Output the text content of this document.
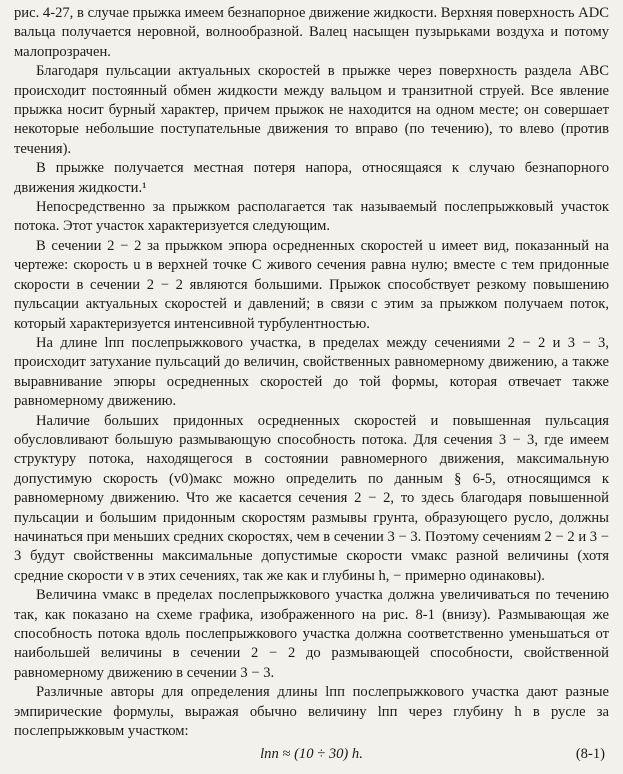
рис. 4-27, в случае прыжка имеем безнапорное движение жидкости. Верхняя поверхность ADC вальца получается неровной, волнообразной. Валец насыщен пузырьками воздуха и потому малопрозрачен.

Благодаря пульсации актуальных скоростей в прыжке через поверхность раздела ABC происходит постоянный обмен жидкости между вальцом и транзитной струей. Все явление прыжка носит бурный характер, причем прыжок не находится на одном месте; он совершает некоторые небольшие поступательные движения то вправо (по течению), то влево (против течения).

В прыжке получается местная потеря напора, относящаяся к случаю безнапорного движения жидкости.¹

Непосредственно за прыжком располагается так называемый послепрыжковый участок потока. Этот участок характеризуется следующим.

В сечении 2 − 2 за прыжком эпюра осредненных скоростей u имеет вид, показанный на чертеже: скорость u в верхней точке C живого сечения равна нулю; вместе с тем придонные скорости в сечении 2 − 2 являются большими. Прыжок способствует резкому повышению пульсации актуальных скоростей и давлений; в связи с этим за прыжком получаем поток, который характеризуется интенсивной турбулентностью.

На длине lпп послепрыжкового участка, в пределах между сечениями 2 − 2 и 3 − 3, происходит затухание пульсаций до величин, свойственных равномерному движению, а также выравнивание эпюры осредненных скоростей до той формы, которая отвечает также равномерному движению.

Наличие больших придонных осредненных скоростей и повышенная пульсация обусловливают большую размывающую способность потока. Для сечения 3 − 3, где имеем структуру потока, находящегося в состоянии равномерного движения, максимальную допустимую скорость (v0)макс можно определить по данным § 6-5, относящимся к равномерному движению. Что же касается сечения 2 − 2, то здесь благодаря повышенной пульсации и большим придонным скоростям размывы грунта, образующего русло, должны начинаться при меньших средних скоростях, чем в сечении 3 − 3. Поэтому сечениям 2 − 2 и 3 − 3 будут свойственны максимальные допустимые скорости vмакс разной величины (хотя средние скорости v в этих сечениях, так же как и глубины h, − примерно одинаковы).

Величина vмакс в пределах послепрыжкового участка должна увеличиваться по течению так, как показано на схеме графика, изображенного на рис. 8-1 (внизу). Размывающая же способность потока вдоль послепрыжкового участка должна соответственно уменьшаться от наибольшей величины в сечении 2 − 2 до размывающей способности, свойственной равномерному движению в сечении 3 − 3.

Различные авторы для определения длины lпп послепрыжкового участка дают разные эмпирические формулы, выражая обычно величину lпп через глубину h в русле за послепрыжковым участком:

lпп ≈ (10 ÷ 30) h.	(8-1)
